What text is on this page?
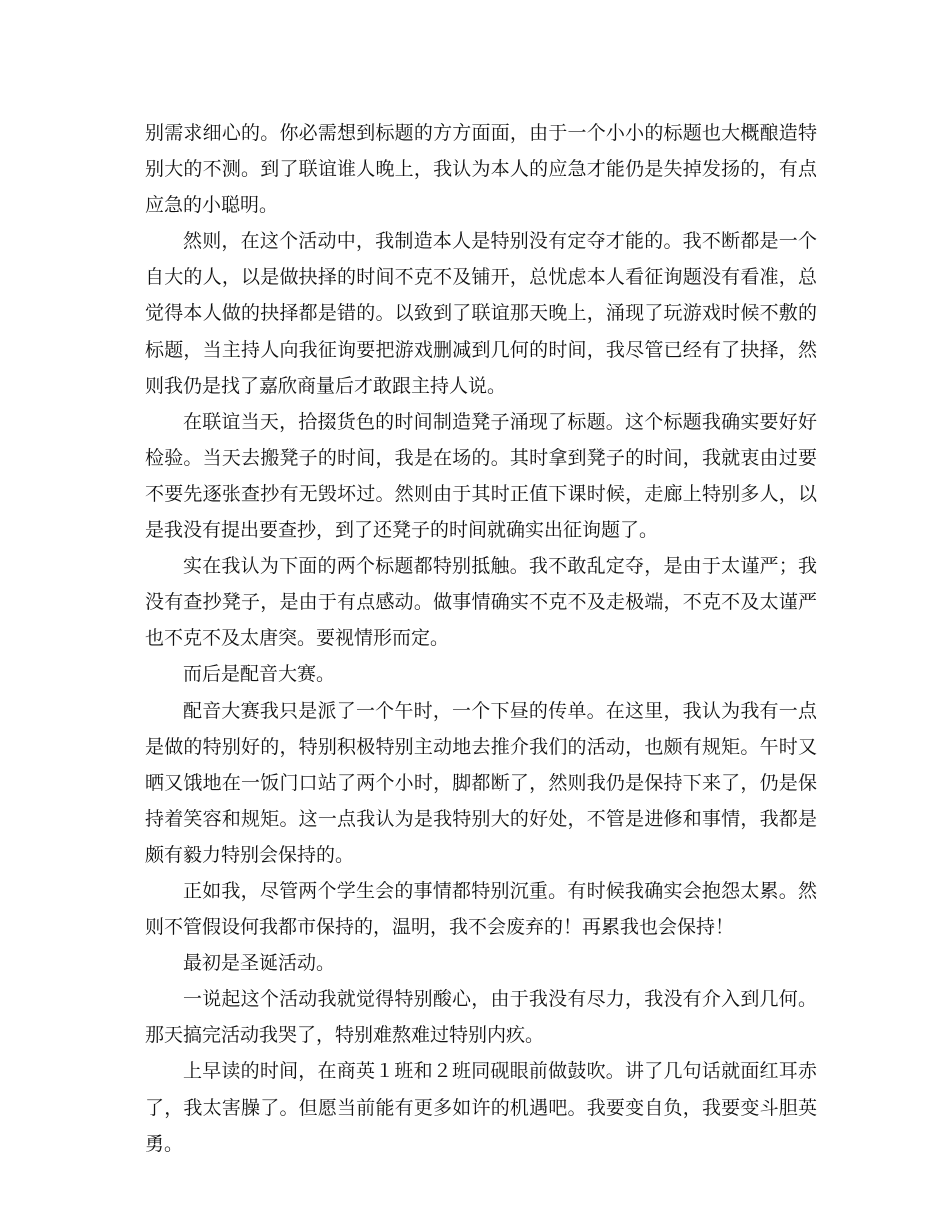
别需求细心的。你必需想到标题的方方面面，由于一个小小的标题也大概酿造特别大的不测。到了联谊谁人晚上，我认为本人的应急才能仍是失掉发扬的，有点应急的小聪明。

然则，在这个活动中，我制造本人是特别没有定夺才能的。我不断都是一个自大的人，以是做抉择的时间不克不及铺开，总忧虑本人看征询题没有看准，总觉得本人做的抉择都是错的。以致到了联谊那天晚上，涌现了玩游戏时候不敷的标题，当主持人向我征询要把游戏删减到几何的时间，我尽管已经有了抉择，然则我仍是找了嘉欣商量后才敢跟主持人说。

在联谊当天，拾掇货色的时间制造凳子涌现了标题。这个标题我确实要好好检验。当天去搬凳子的时间，我是在场的。其时拿到凳子的时间，我就衷由过要不要先逐张查抄有无毁坏过。然则由于其时正值下课时候，走廊上特别多人，以是我没有提出要查抄，到了还凳子的时间就确实出征询题了。

实在我认为下面的两个标题都特别抵触。我不敢乱定夺，是由于太谨严；我没有查抄凳子，是由于有点感动。做事情确实不克不及走极端，不克不及太谨严也不克不及太唐突。要视情形而定。

而后是配音大赛。

配音大赛我只是派了一个午时，一个下昼的传单。在这里，我认为我有一点是做的特别好的，特别积极特别主动地去推介我们的活动，也颇有规矩。午时又晒又饿地在一饭门口站了两个小时，脚都断了，然则我仍是保持下来了，仍是保持着笑容和规矩。这一点我认为是我特别大的好处，不管是进修和事情，我都是颇有毅力特别会保持的。

正如我，尽管两个学生会的事情都特别沉重。有时候我确实会抱怨太累。然则不管假设何我都市保持的，温明，我不会废弃的！再累我也会保持！

最初是圣诞活动。

一说起这个活动我就觉得特别酸心，由于我没有尽力，我没有介入到几何。那天搞完活动我哭了，特别难熬难过特别内疚。

上早读的时间，在商英１班和２班同砚眼前做鼓吹。讲了几句话就面红耳赤了，我太害臊了。但愿当前能有更多如许的机遇吧。我要变自负，我要变斗胆英勇。
